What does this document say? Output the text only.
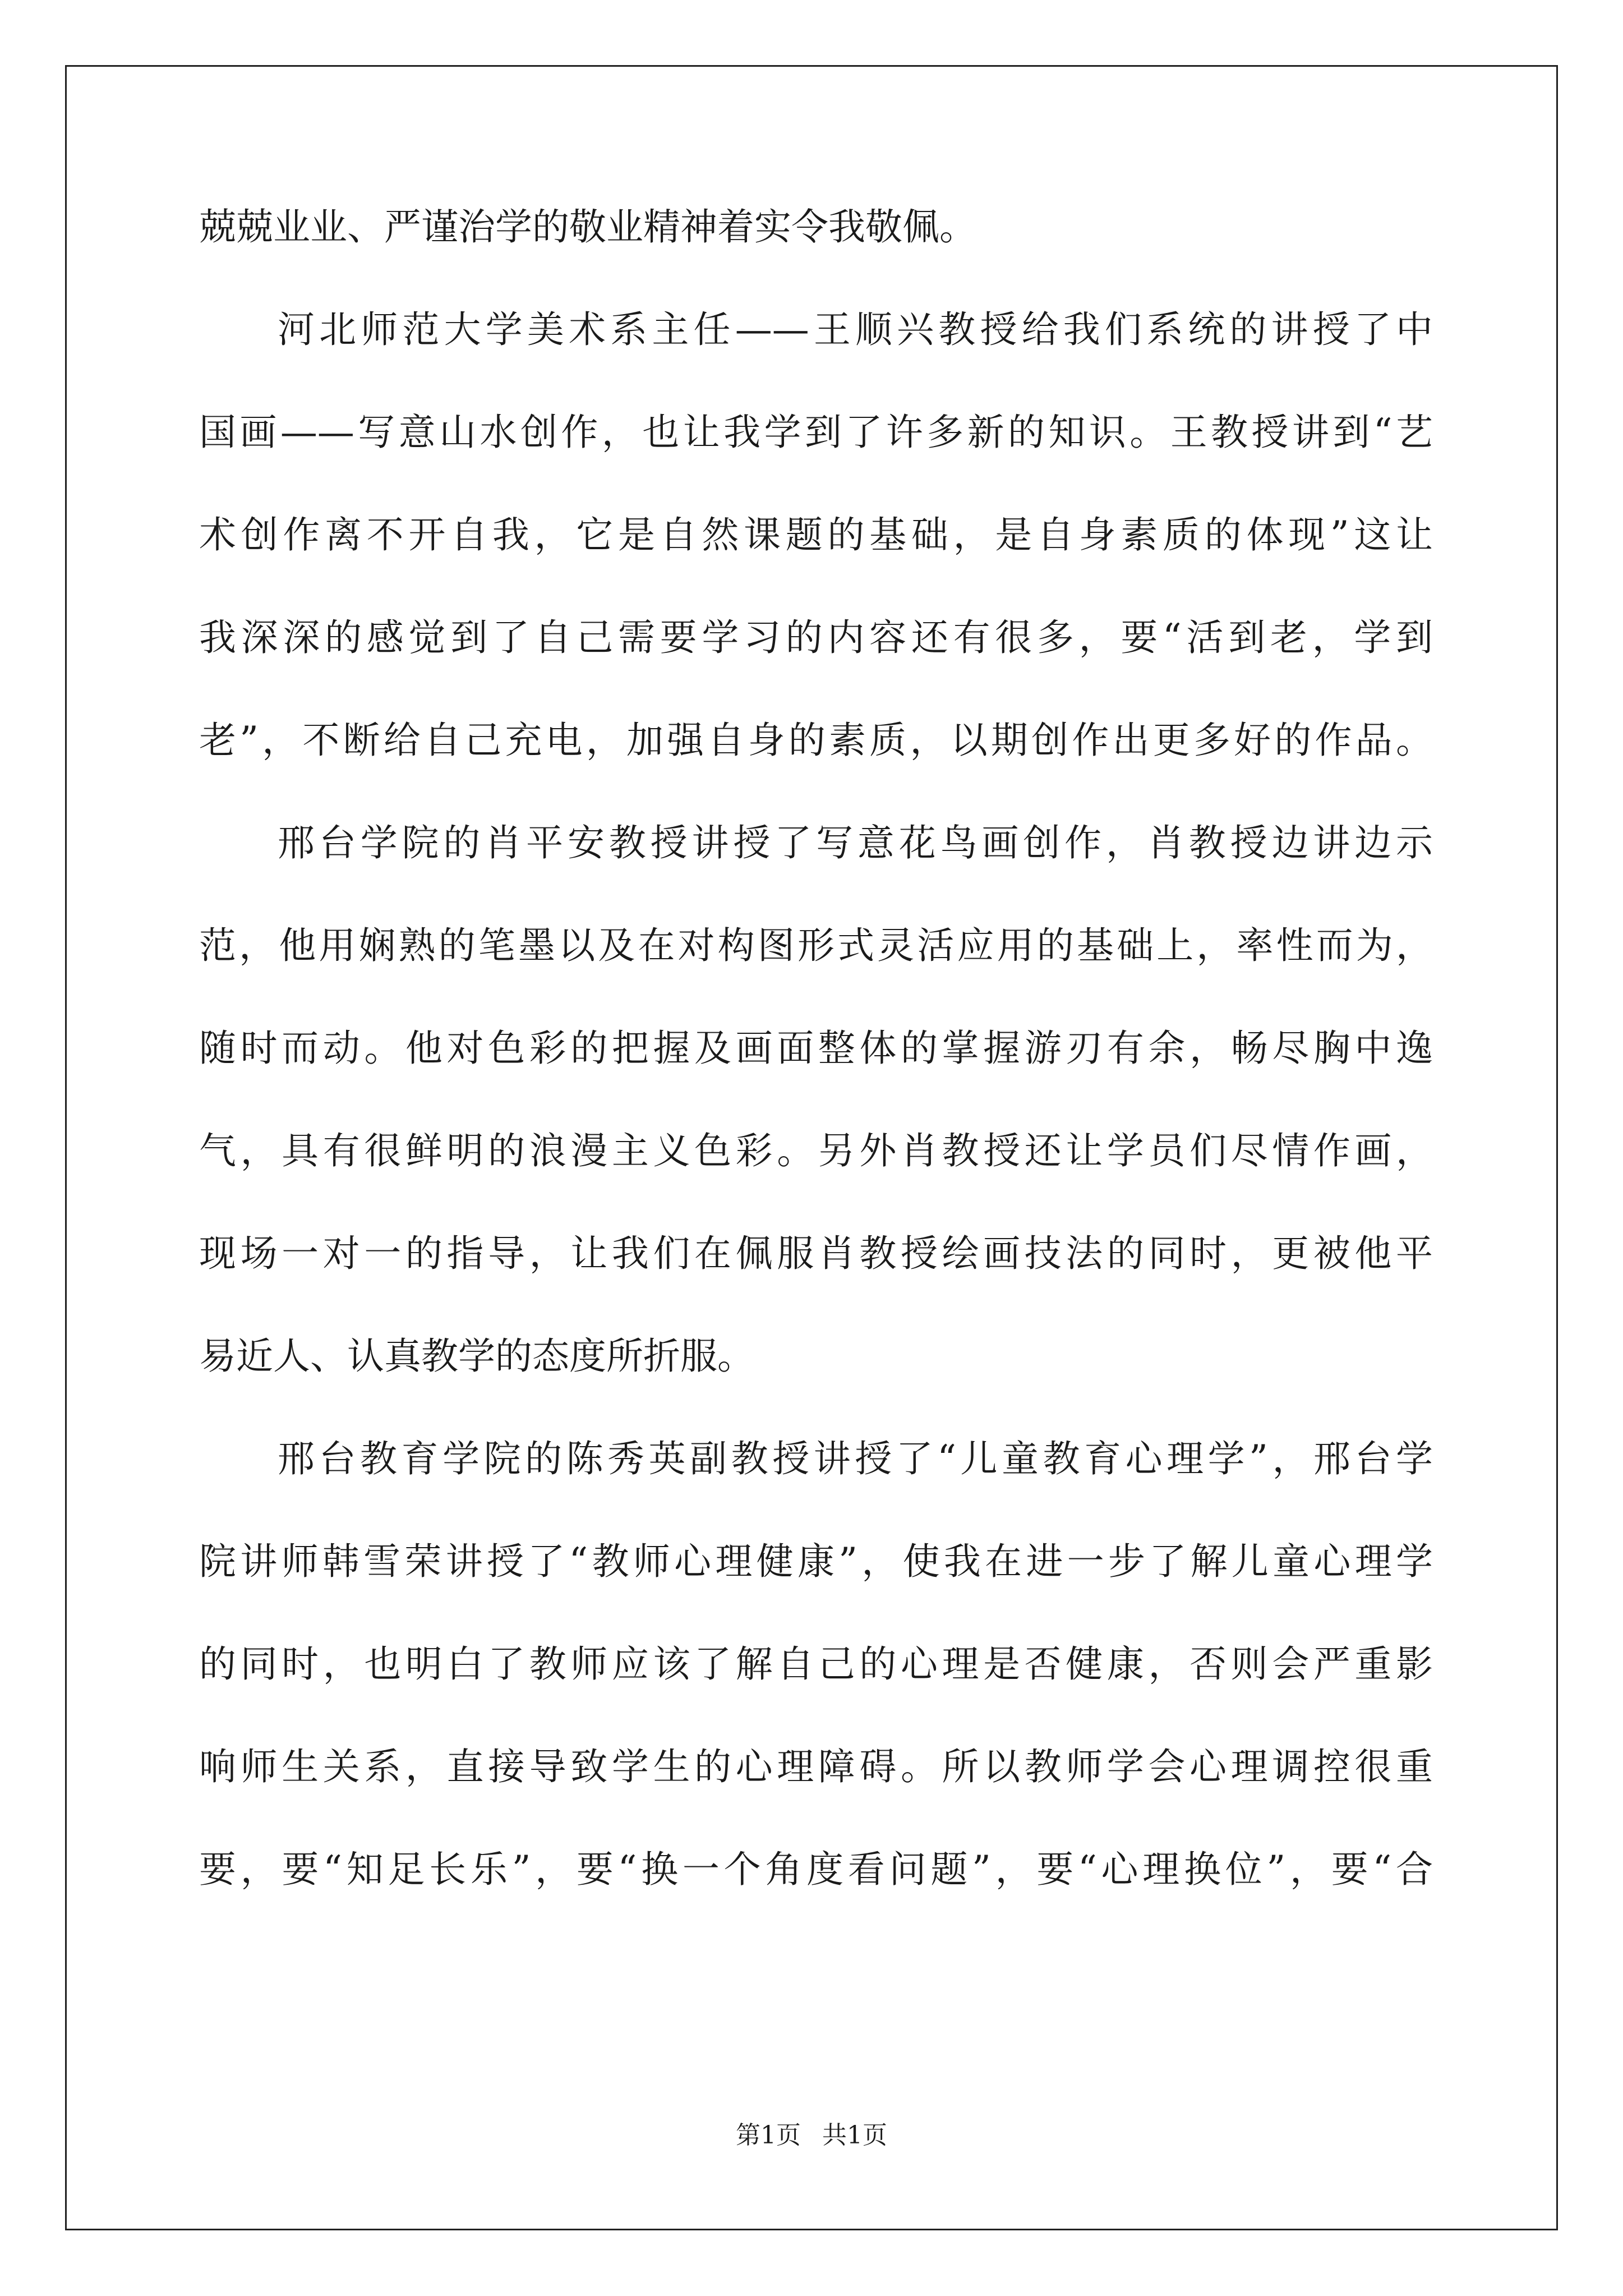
兢兢业业、严谨治学的敬业精神着实令我敬佩。
河北师范大学美术系主任——王顺兴教授给我们系统的讲授了中
国画——写意山水创作，也让我学到了许多新的知识。王教授讲到“艺
术创作离不开自我，它是自然课题的基础，是自身素质的体现”这让
我深深的感觉到了自己需要学习的内容还有很多，要“活到老，学到
老”，不断给自己充电，加强自身的素质，以期创作出更多好的作品。
邢台学院的肖平安教授讲授了写意花鸟画创作，肖教授边讲边示
范，他用娴熟的笔墨以及在对构图形式灵活应用的基础上，率性而为，
随时而动。他对色彩的把握及画面整体的掌握游刃有余，畅尽胸中逸
气，具有很鲜明的浪漫主义色彩。另外肖教授还让学员们尽情作画，
现场一对一的指导，让我们在佩服肖教授绘画技法的同时，更被他平
易近人、认真教学的态度所折服。
邢台教育学院的陈秀英副教授讲授了“儿童教育心理学”，邢台学
院讲师韩雪荣讲授了“教师心理健康”，使我在进一步了解儿童心理学
的同时，也明白了教师应该了解自己的心理是否健康，否则会严重影
响师生关系，直接导致学生的心理障碍。所以教师学会心理调控很重
要，要“知足长乐”，要“换一个角度看问题”，要“心理换位”，要“合
第1页 共1页
